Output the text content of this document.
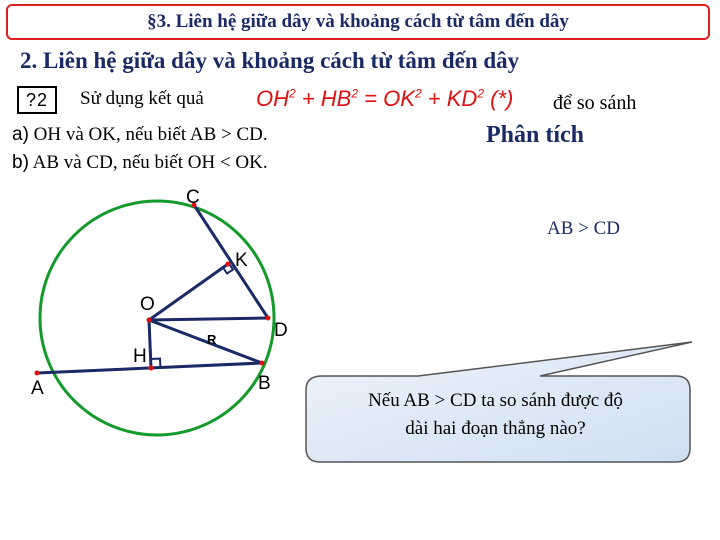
§3. Liên hệ giữa dây và khoảng cách từ tâm đến dây
2. Liên hệ giữa dây và khoảng cách từ tâm đến dây
?2	Sử dụng kết quả $OH^2 + HB^2 = OK^2 + KD^2$ (*) để so sánh
a) OH và OK, nếu biết AB > CD.
b) AB và CD, nếu biết OH < OK.
Phân tích
AB > CD
C
K
O
D
H
A	B
R
Nếu AB > CD ta so sánh được độ
dài hai đoạn thẳng nào?
